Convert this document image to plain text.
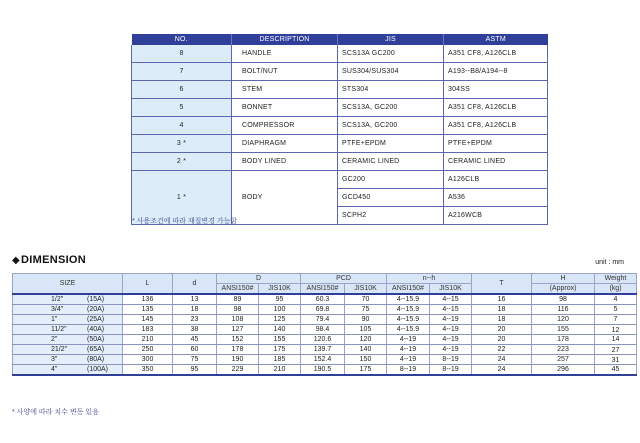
NO.	DESCRIPTION	JIS	ASTM
8	HANDLE	SCS13A GC200	A351 CF8, A126CLB
7	BOLT/NUT	SUS304/SUS304	A193--B8/A194--8
6	STEM	STS304	304SS
5	BONNET	SCS13A, GC200	A351 CF8, A126CLB
4	COMPRESSOR	SCS13A, GC200	A351 CF8, A126CLB
3 *	DIAPHRAGM	PTFE+EPDM	PTFE+EPDM
2 *	BODY LINED	CERAMIC LINED	CERAMIC LINED
1 *	BODY	GC200	A126CLB
		GCD450	A536
		SCPH2	A216WCB
* 사용조건에 따라 재질변경 가능함
◆DIMENSION	unit : mm
SIZE	L	d	D		PCD		n--h		T	H	Weight
			ANSI150#	JIS10K	ANSI150#	JIS10K	ANSI150#	JIS10K		(Approx)	(kg)
1/2" (15A)	136	13	89	95	60.3	70	4--15.9	4--15	16	98	4
3/4" (20A)	135	18	98	100	69.8	75	4--15.9	4--15	18	116	5
1" (25A)	145	23	108	125	79.4	90	4--15.9	4--19	18	120	7
11/2" (40A)	183	38	127	140	98.4	105	4--15.9	4--19	20	155	12
2" (50A)	210	45	152	155	120.6	120	4--19	4--19	20	178	14
21/2" (65A)	250	60	178	175	139.7	140	4--19	4--19	22	223	27
3" (80A)	300	75	190	185	152.4	150	4--19	8--19	24	257	31
4" (100A)	350	95	229	210	190.5	175	8--19	8--19	24	296	45
* 사양에 따라 치수 변동 있음
